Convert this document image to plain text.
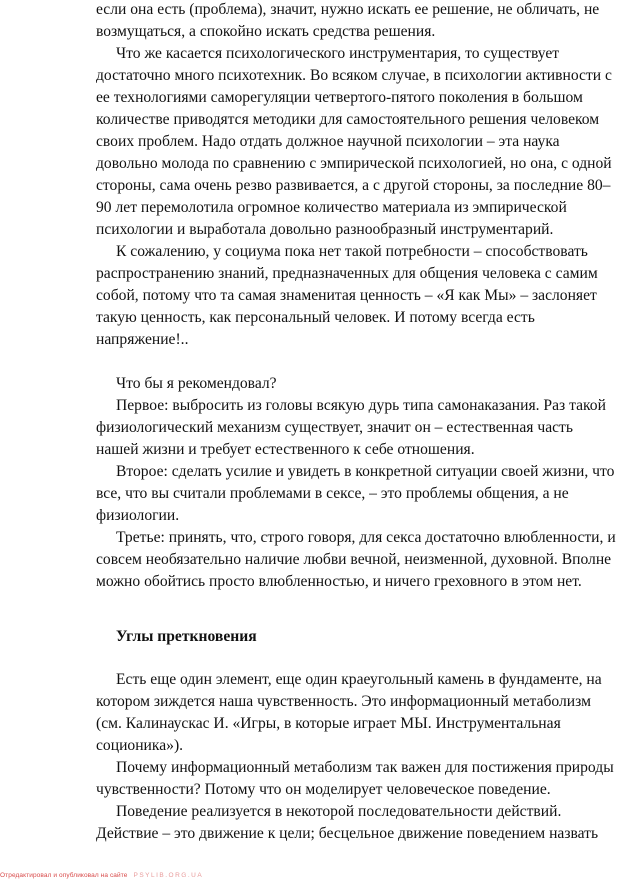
если она есть (проблема), значит, нужно искать ее решение, не обличать, не
возмущаться, а спокойно искать средства решения.
Что же касается психологического инструментария, то существует
достаточно много психотехник. Во всяком случае, в психологии активности с
ее технологиями саморегуляции четвертого-пятого поколения в большом
количестве приводятся методики для самостоятельного решения человеком
своих проблем. Надо отдать должное научной психологии – эта наука
довольно молода по сравнению с эмпирической психологией, но она, с одной
стороны, сама очень резво развивается, а с другой стороны, за последние 80–
90 лет перемолотила огромное количество материала из эмпирической
психологии и выработала довольно разнообразный инструментарий.
К сожалению, у социума пока нет такой потребности – способствовать
распространению знаний, предназначенных для общения человека с самим
собой, потому что та самая знаменитая ценность – «Я как Мы» – заслоняет
такую ценность, как персональный человек. И потому всегда есть
напряжение!..
Что бы я рекомендовал?
Первое: выбросить из головы всякую дурь типа самонаказания. Раз такой
физиологический механизм существует, значит он – естественная часть
нашей жизни и требует естественного к себе отношения.
Второе: сделать усилие и увидеть в конкретной ситуации своей жизни, что
все, что вы считали проблемами в сексе, – это проблемы общения, а не
физиологии.
Третье: принять, что, строго говоря, для секса достаточно влюбленности, и
совсем необязательно наличие любви вечной, неизменной, духовной. Вполне
можно обойтись просто влюбленностью, и ничего греховного в этом нет.
Углы преткновения
Есть еще один элемент, еще один краеугольный камень в фундаменте, на
котором зиждется наша чувственность. Это информационный метаболизм
(см. Калинаускас И. «Игры, в которые играет МЫ. Инструментальная
соционика»).
Почему информационный метаболизм так важен для постижения природы
чувственности? Потому что он моделирует человеческое поведение.
Поведение реализуется в некоторой последовательности действий.
Действие – это движение к цели; бесцельное движение поведением назвать
Отредактировал и опубликовал на сайте PSYLIB.ORG.UA
